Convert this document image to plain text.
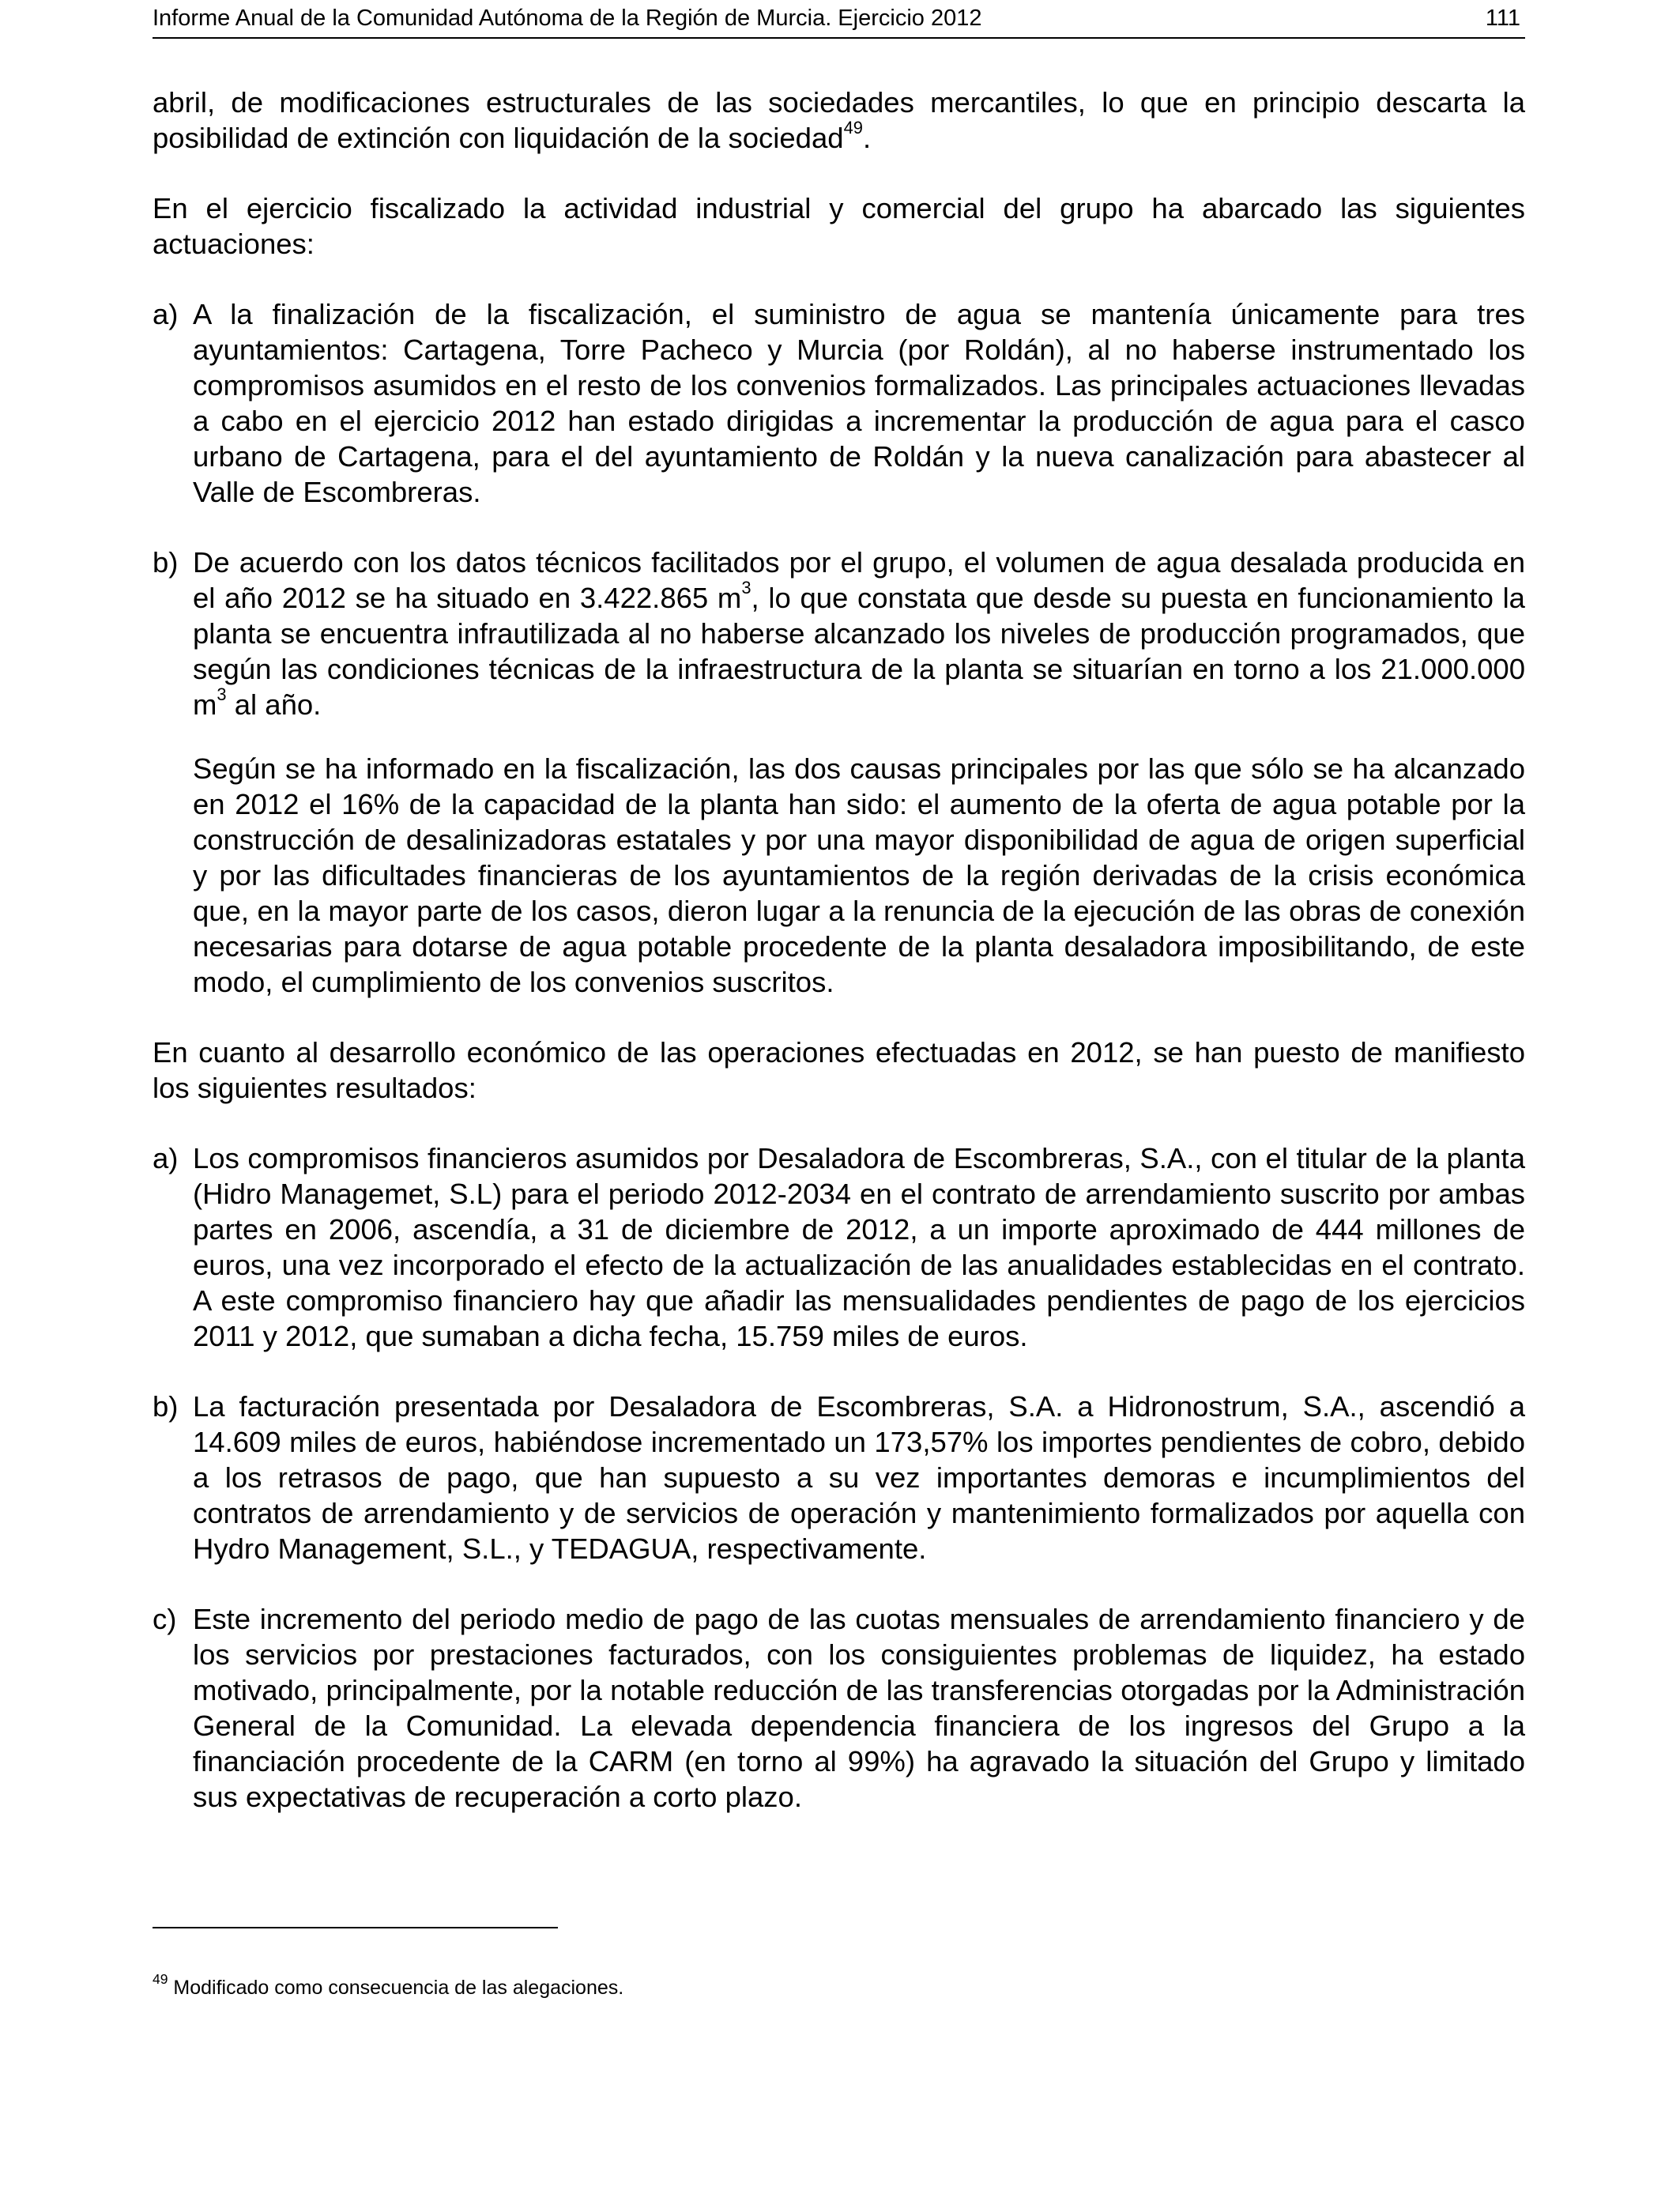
Informe Anual de la Comunidad Autónoma de la Región de Murcia. Ejercicio 2012	111

abril, de modificaciones estructurales de las sociedades mercantiles, lo que en principio descarta la posibilidad de extinción con liquidación de la sociedad$^{49}$.

En el ejercicio fiscalizado la actividad industrial y comercial del grupo ha abarcado las siguientes actuaciones:

a) A la finalización de la fiscalización, el suministro de agua se mantenía únicamente para tres ayuntamientos: Cartagena, Torre Pacheco y Murcia (por Roldán), al no haberse instrumentado los compromisos asumidos en el resto de los convenios formalizados. Las principales actuaciones llevadas a cabo en el ejercicio 2012 han estado dirigidas a incrementar la producción de agua para el casco urbano de Cartagena, para el del ayuntamiento de Roldán y la nueva canalización para abastecer al Valle de Escombreras.
b) De acuerdo con los datos técnicos facilitados por el grupo, el volumen de agua desalada producida en el año 2012 se ha situado en 3.422.865 $m^3$, lo que constata que desde su puesta en funcionamiento la planta se encuentra infrautilizada al no haberse alcanzado los niveles de producción programados, que según las condiciones técnicas de la infraestructura de la planta se situarían en torno a los 21.000.000 $m^3$ al año.
Según se ha informado en la fiscalización, las dos causas principales por las que sólo se ha alcanzado en 2012 el 16% de la capacidad de la planta han sido: el aumento de la oferta de agua potable por la construcción de desalinizadoras estatales y por una mayor disponibilidad de agua de origen superficial y por las dificultades financieras de los ayuntamientos de la región derivadas de la crisis económica que, en la mayor parte de los casos, dieron lugar a la renuncia de la ejecución de las obras de conexión necesarias para dotarse de agua potable procedente de la planta desaladora imposibilitando, de este modo, el cumplimiento de los convenios suscritos.

En cuanto al desarrollo económico de las operaciones efectuadas en 2012, se han puesto de manifiesto los siguientes resultados:

a) Los compromisos financieros asumidos por Desaladora de Escombreras, S.A., con el titular de la planta (Hidro Managemet, S.L) para el periodo 2012-2034 en el contrato de arrendamiento suscrito por ambas partes en 2006, ascendía, a 31 de diciembre de 2012, a un importe aproximado de 444 millones de euros, una vez incorporado el efecto de la actualización de las anualidades establecidas en el contrato. A este compromiso financiero hay que añadir las mensualidades pendientes de pago de los ejercicios 2011 y 2012, que sumaban a dicha fecha, 15.759 miles de euros.
b) La facturación presentada por Desaladora de Escombreras, S.A. a Hidronostrum, S.A., ascendió a 14.609 miles de euros, habiéndose incrementado un 173,57% los importes pendientes de cobro, debido a los retrasos de pago, que han supuesto a su vez importantes demoras e incumplimientos del contratos de arrendamiento y de servicios de operación y mantenimiento formalizados por aquella con Hydro Management, S.L., y TEDAGUA, respectivamente.
c) Este incremento del periodo medio de pago de las cuotas mensuales de arrendamiento financiero y de los servicios por prestaciones facturados, con los consiguientes problemas de liquidez, ha estado motivado, principalmente, por la notable reducción de las transferencias otorgadas por la Administración General de la Comunidad. La elevada dependencia financiera de los ingresos del Grupo a la financiación procedente de la CARM (en torno al 99%) ha agravado la situación del Grupo y limitado sus expectativas de recuperación a corto plazo.
$^{49}$ Modificado como consecuencia de las alegaciones.
